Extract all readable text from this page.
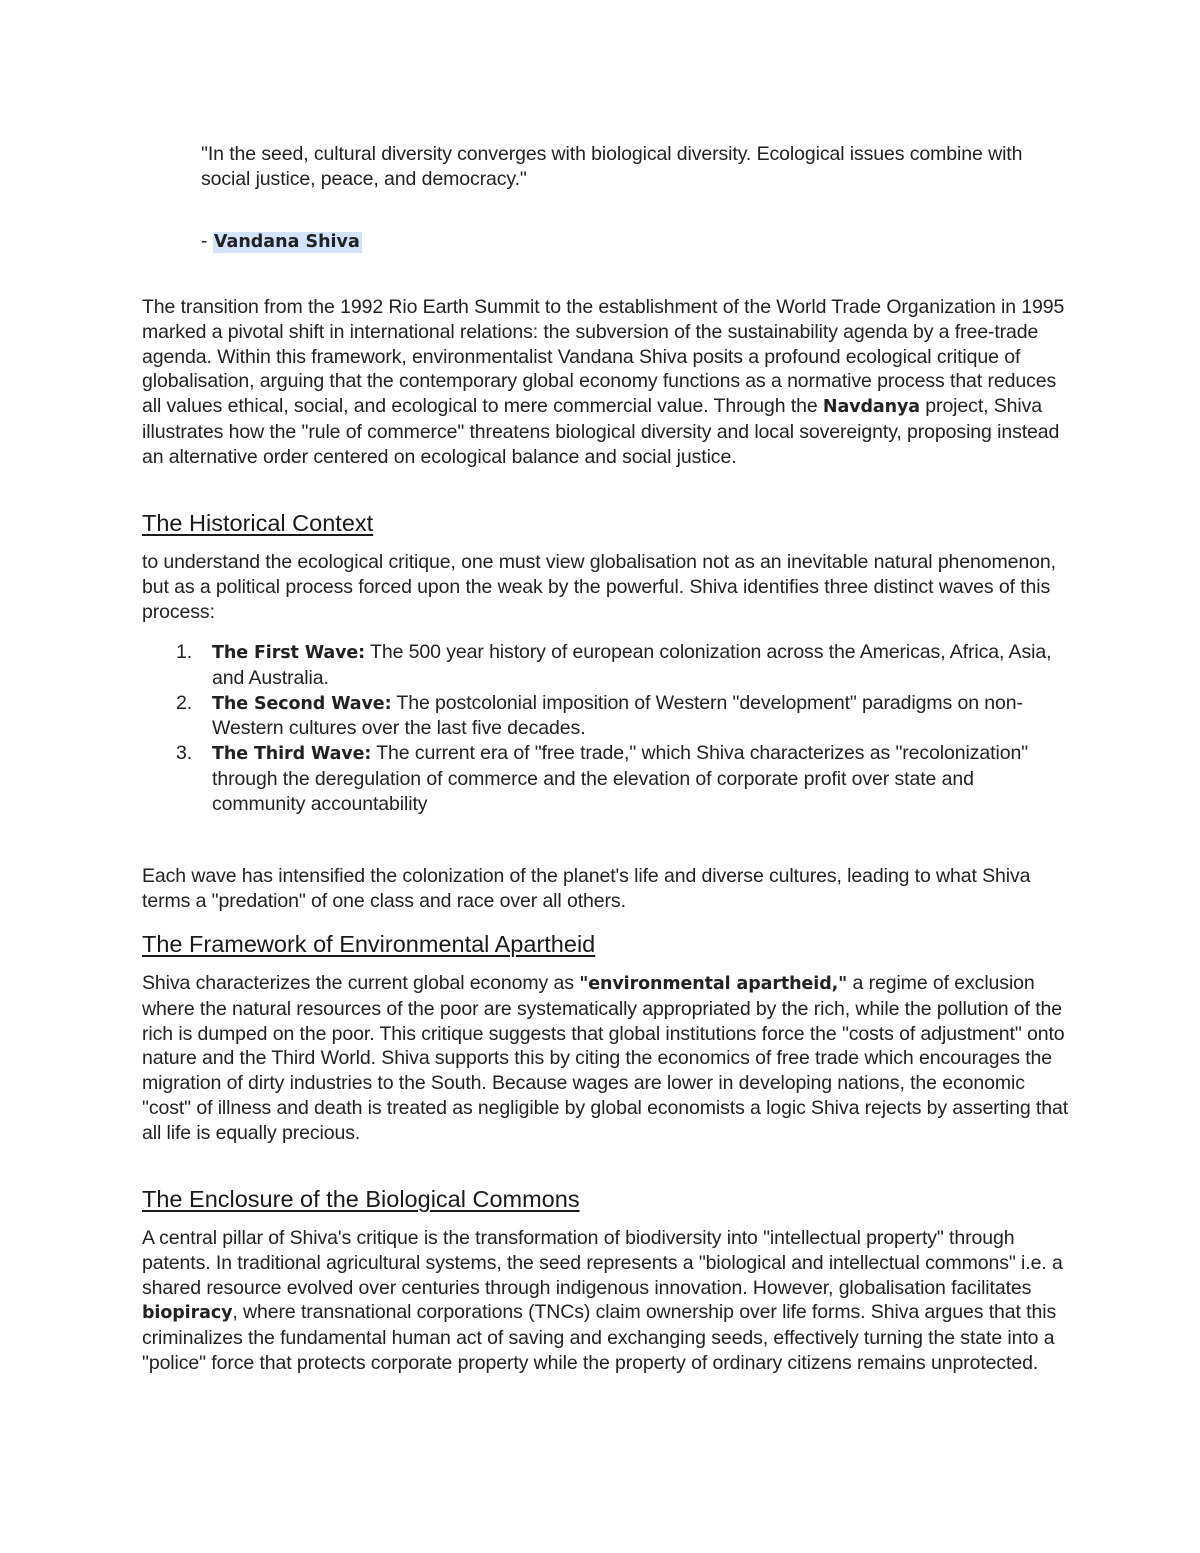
"In the seed, cultural diversity converges with biological diversity. Ecological issues combine with social justice, peace, and democracy."
- Vandana Shiva

The transition from the 1992 Rio Earth Summit to the establishment of the World Trade Organization in 1995 marked a pivotal shift in international relations: the subversion of the sustainability agenda by a free-trade agenda. Within this framework, environmentalist Vandana Shiva posits a profound ecological critique of globalisation, arguing that the contemporary global economy functions as a normative process that reduces all values ethical, social, and ecological to mere commercial value. Through the Navdanya project, Shiva illustrates how the "rule of commerce" threatens biological diversity and local sovereignty, proposing instead an alternative order centered on ecological balance and social justice.

The Historical Context

to understand the ecological critique, one must view globalisation not as an inevitable natural phenomenon, but as a political process forced upon the weak by the powerful. Shiva identifies three distinct waves of this process:

1. The First Wave: The 500 year history of european colonization across the Americas, Africa, Asia, and Australia.
2. The Second Wave: The postcolonial imposition of Western "development" paradigms on non-Western cultures over the last five decades.
3. The Third Wave: The current era of "free trade," which Shiva characterizes as "recolonization" through the deregulation of commerce and the elevation of corporate profit over state and community accountability

Each wave has intensified the colonization of the planet's life and diverse cultures, leading to what Shiva terms a "predation" of one class and race over all others.

The Framework of Environmental Apartheid

Shiva characterizes the current global economy as "environmental apartheid," a regime of exclusion where the natural resources of the poor are systematically appropriated by the rich, while the pollution of the rich is dumped on the poor. This critique suggests that global institutions force the "costs of adjustment" onto nature and the Third World. Shiva supports this by citing the economics of free trade which encourages the migration of dirty industries to the South. Because wages are lower in developing nations, the economic "cost" of illness and death is treated as negligible by global economists a logic Shiva rejects by asserting that all life is equally precious.

The Enclosure of the Biological Commons

A central pillar of Shiva's critique is the transformation of biodiversity into "intellectual property" through patents. In traditional agricultural systems, the seed represents a "biological and intellectual commons" i.e. a shared resource evolved over centuries through indigenous innovation. However, globalisation facilitates biopiracy, where transnational corporations (TNCs) claim ownership over life forms. Shiva argues that this criminalizes the fundamental human act of saving and exchanging seeds, effectively turning the state into a "police" force that protects corporate property while the property of ordinary citizens remains unprotected.
